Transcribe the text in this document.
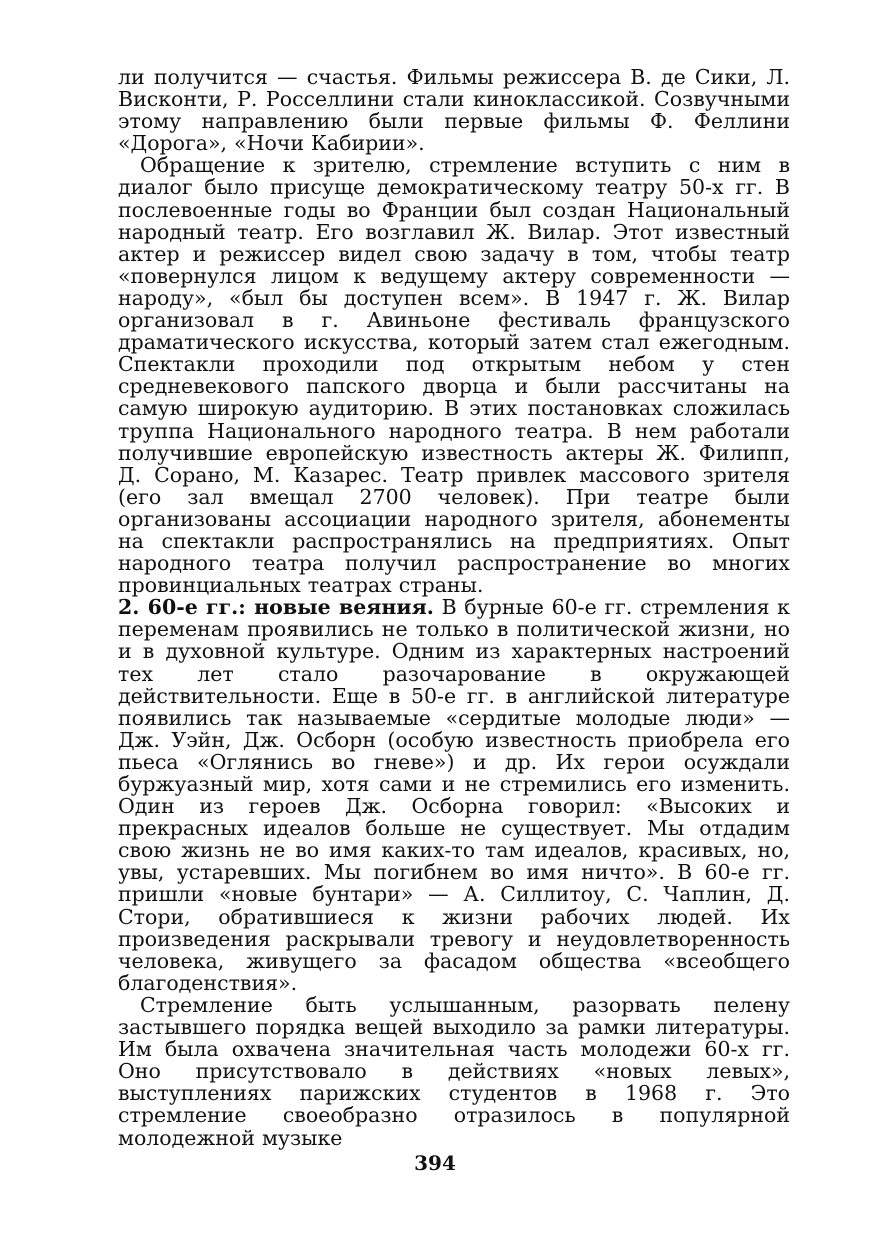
ли получится — счастья. Фильмы режиссера В. де Сики, Л. Висконти, Р. Росселлини стали киноклассикой. Созвучными этому направлению были первые фильмы Ф. Феллини «Дорога», «Ночи Кабирии».

Обращение к зрителю, стремление вступить с ним в диалог было присуще демократическому театру 50-х гг. В послевоенные годы во Франции был создан Национальный народный театр. Его возглавил Ж. Вилар. Этот известный актер и режиссер видел свою задачу в том, чтобы театр «повернулся лицом к ведущему актеру современности — народу», «был бы доступен всем». В 1947 г. Ж. Вилар организовал в г. Авиньоне фестиваль французского драматического искусства, который затем стал ежегодным. Спектакли проходили под открытым небом у стен средневекового папского дворца и были рассчитаны на самую широкую аудиторию. В этих постановках сложилась труппа Национального народного театра. В нем работали получившие европейскую известность актеры Ж. Филипп, Д. Сорано, М. Казарес. Театр привлек массового зрителя (его зал вмещал 2700 человек). При театре были организованы ассоциации народного зрителя, абонементы на спектакли распространялись на предприятиях. Опыт народного театра получил распространение во многих провинциальных театрах страны.

2. 60-е гг.: новые веяния. В бурные 60-е гг. стремления к переменам проявились не только в политической жизни, но и в духовной культуре. Одним из характерных настроений тех лет стало разочарование в окружающей действительности. Еще в 50-е гг. в английской литературе появились так называемые «сердитые молодые люди» — Дж. Уэйн, Дж. Осборн (особую известность приобрела его пьеса «Оглянись во гневе») и др. Их герои осуждали буржуазный мир, хотя сами и не стремились его изменить. Один из героев Дж. Осборна говорил: «Высоких и прекрасных идеалов больше не существует. Мы отдадим свою жизнь не во имя каких-то там идеалов, красивых, но, увы, устаревших. Мы погибнем во имя ничто». В 60-е гг. пришли «новые бунтари» — А. Силлитоу, С. Чаплин, Д. Стори, обратившиеся к жизни рабочих людей. Их произведения раскрывали тревогу и неудовлетворенность человека, живущего за фасадом общества «всеобщего благоденствия».

Стремление быть услышанным, разорвать пелену застывшего порядка вещей выходило за рамки литературы. Им была охвачена значительная часть молодежи 60-х гг. Оно присутствовало в действиях «новых левых», выступлениях парижских студентов в 1968 г. Это стремление своеобразно отразилось в популярной молодежной музыке

394
